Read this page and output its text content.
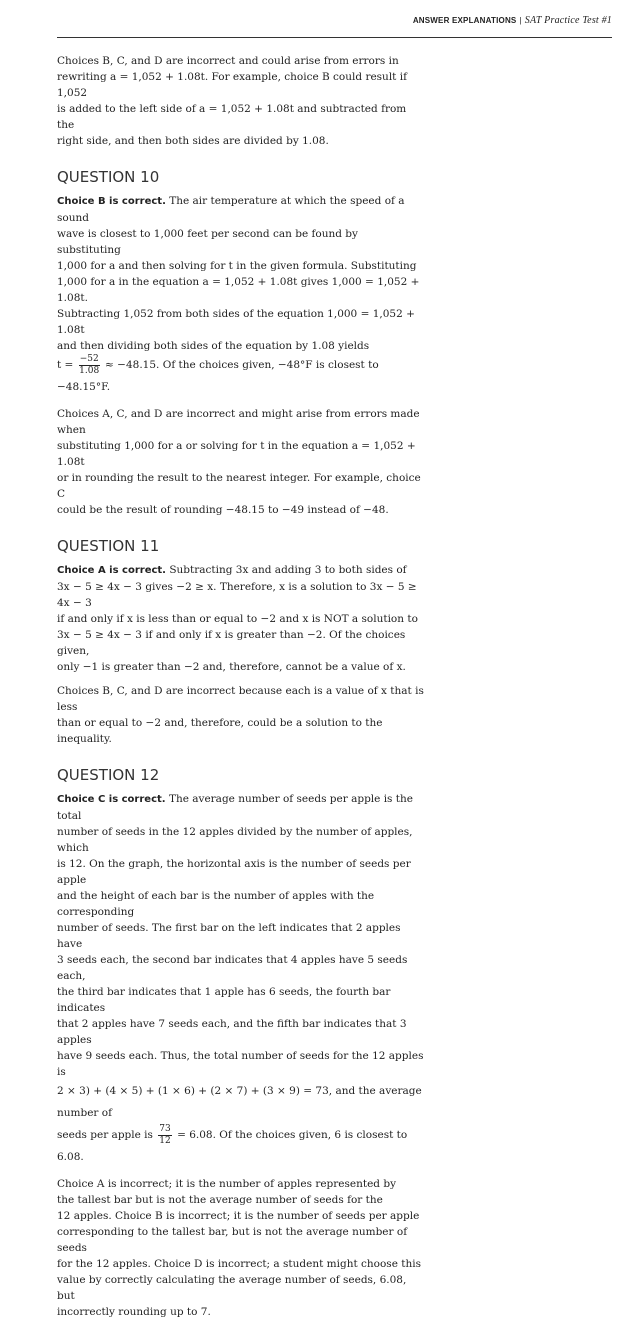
ANSWER EXPLANATIONS | SAT Practice Test #1

Choices B, C, and D are incorrect and could arise from errors in
rewriting a = 1,052 + 1.08t. For example, choice B could result if 1,052
is added to the left side of a = 1,052 + 1.08t and subtracted from the
right side, and then both sides are divided by 1.08.

QUESTION 10

Choice B is correct. The air temperature at which the speed of a sound
wave is closest to 1,000 feet per second can be found by substituting
1,000 for a and then solving for t in the given formula. Substituting
1,000 for a in the equation a = 1,052 + 1.08t gives 1,000 = 1,052 + 1.08t.
Subtracting 1,052 from both sides of the equation 1,000 = 1,052 + 1.08t
and then dividing both sides of the equation by 1.08 yields

$t = \frac{-52}{1.08} \approx -48.15$. Of the choices given, −48°F is closest to −48.15°F.

Choices A, C, and D are incorrect and might arise from errors made when
substituting 1,000 for a or solving for t in the equation a = 1,052 + 1.08t
or in rounding the result to the nearest integer. For example, choice C
could be the result of rounding −48.15 to −49 instead of −48.

QUESTION 11

Choice A is correct. Subtracting 3x and adding 3 to both sides of
3x − 5 ≥ 4x − 3 gives −2 ≥ x. Therefore, x is a solution to 3x − 5 ≥ 4x − 3
if and only if x is less than or equal to −2 and x is NOT a solution to
3x − 5 ≥ 4x − 3 if and only if x is greater than −2. Of the choices given,
only −1 is greater than −2 and, therefore, cannot be a value of x.

Choices B, C, and D are incorrect because each is a value of x that is less
than or equal to −2 and, therefore, could be a solution to the inequality.

QUESTION 12

Choice C is correct. The average number of seeds per apple is the total
number of seeds in the 12 apples divided by the number of apples, which
is 12. On the graph, the horizontal axis is the number of seeds per apple
and the height of each bar is the number of apples with the corresponding
number of seeds. The first bar on the left indicates that 2 apples have
3 seeds each, the second bar indicates that 4 apples have 5 seeds each,
the third bar indicates that 1 apple has 6 seeds, the fourth bar indicates
that 2 apples have 7 seeds each, and the fifth bar indicates that 3 apples
have 9 seeds each. Thus, the total number of seeds for the 12 apples is

2 × 3) + (4 × 5) + (1 × 6) + (2 × 7) + (3 × 9) = 73, and the average number of

seeds per apple is $\frac{73}{12} = 6.08$. Of the choices given, 6 is closest to 6.08.

Choice A is incorrect; it is the number of apples represented by
the tallest bar but is not the average number of seeds for the
12 apples. Choice B is incorrect; it is the number of seeds per apple
corresponding to the tallest bar, but is not the average number of seeds
for the 12 apples. Choice D is incorrect; a student might choose this
value by correctly calculating the average number of seeds, 6.08, but
incorrectly rounding up to 7.
